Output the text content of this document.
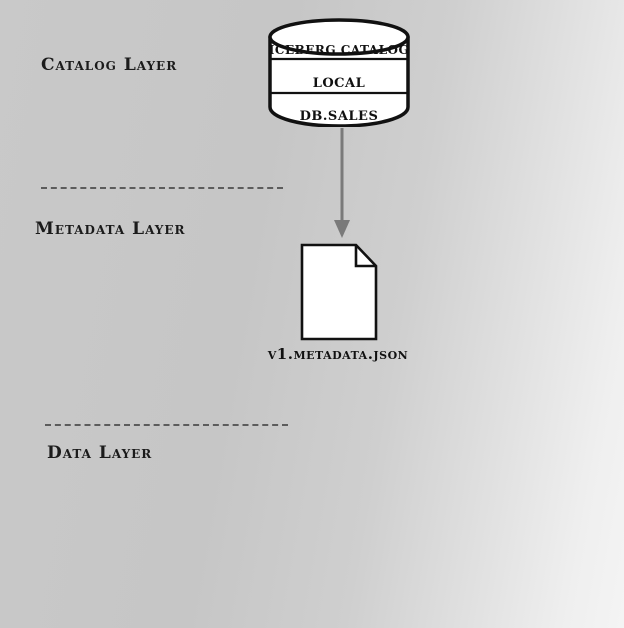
Catalog Layer
ICEBERG CATALOG
LOCAL
DB.SALES
Metadata Layer
v1.metadata.json
Data Layer
